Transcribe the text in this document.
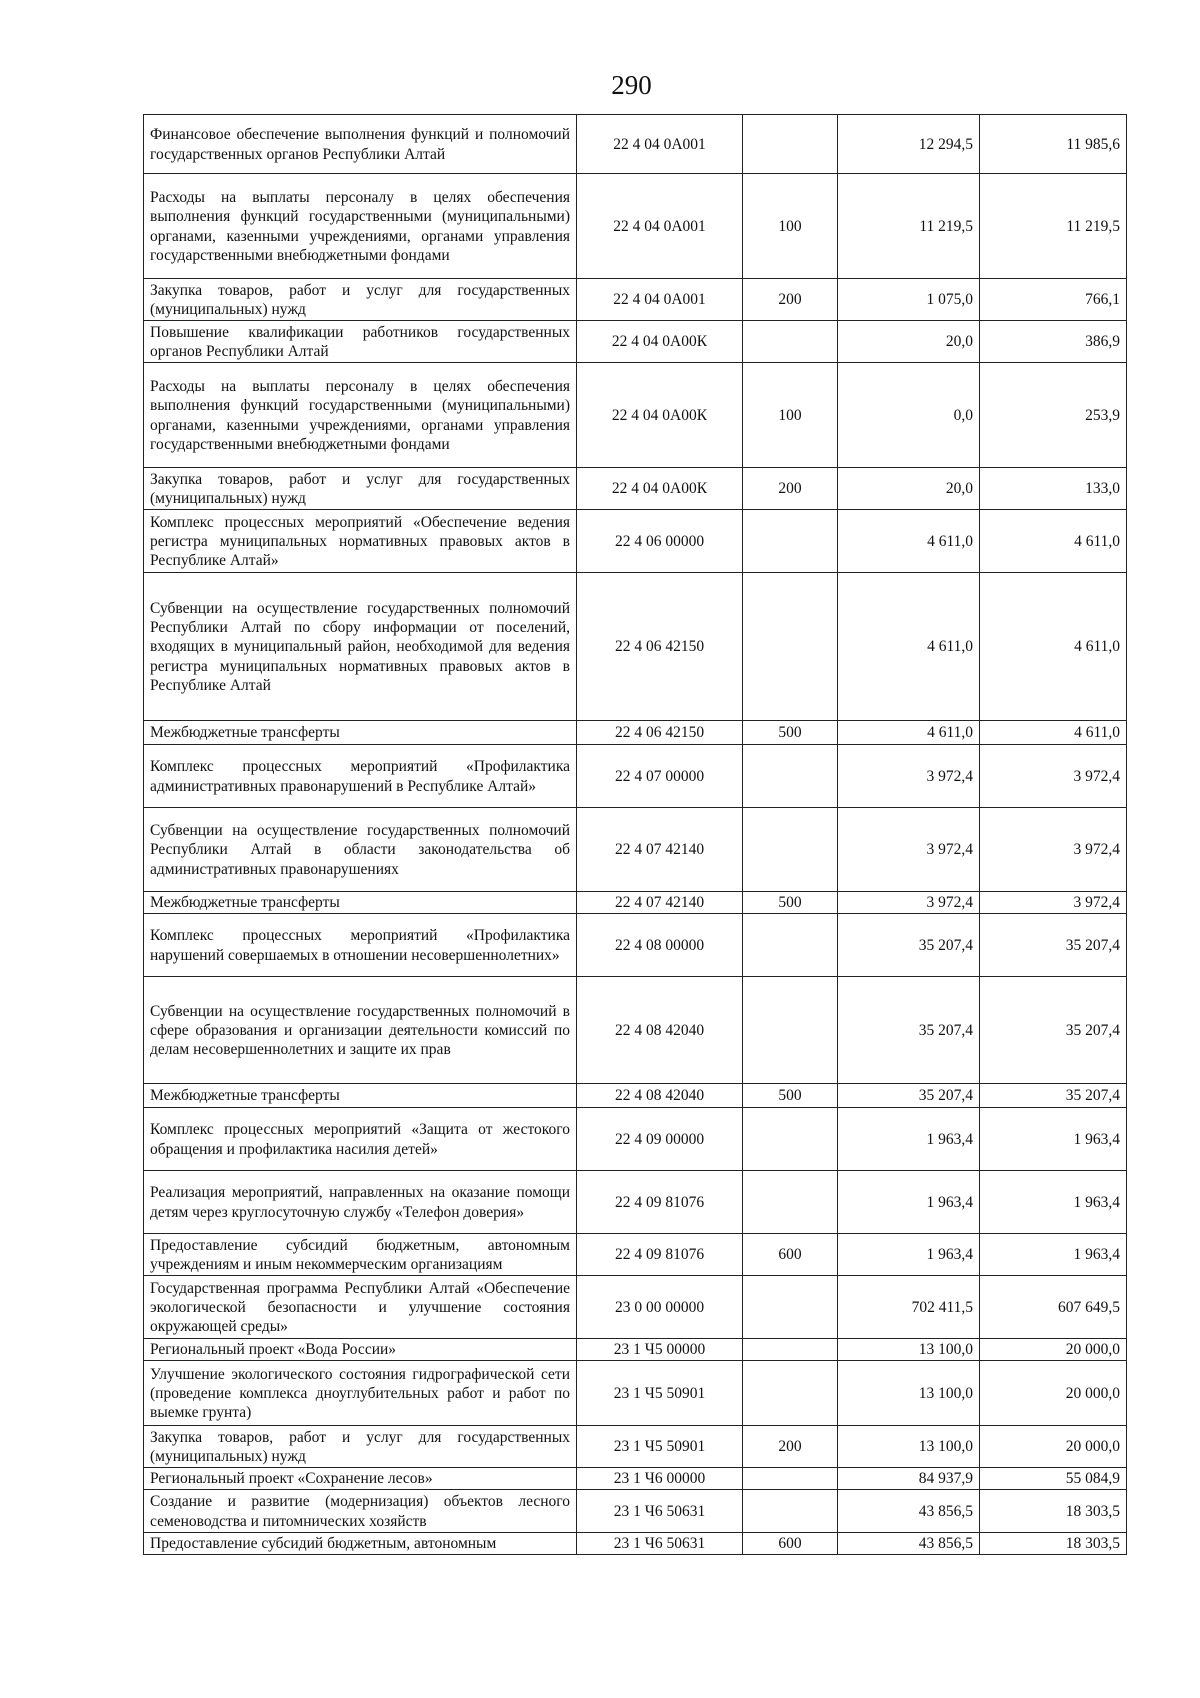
290
Финансовое обеспечение выполнения функций и полномочий государственных органов Республики Алтай	22 4 04 0А001		12 294,5	11 985,6
Расходы на выплаты персоналу в целях обеспечения выполнения функций государственными (муниципальными) органами, казенными учреждениями, органами управления государственными внебюджетными фондами	22 4 04 0А001	100	11 219,5	11 219,5
Закупка товаров, работ и услуг для государственных (муниципальных) нужд	22 4 04 0А001	200	1 075,0	766,1
Повышение квалификации работников государственных органов Республики Алтай	22 4 04 0А00К		20,0	386,9
Расходы на выплаты персоналу в целях обеспечения выполнения функций государственными (муниципальными) органами, казенными учреждениями, органами управления государственными внебюджетными фондами	22 4 04 0А00К	100	0,0	253,9
Закупка товаров, работ и услуг для государственных (муниципальных) нужд	22 4 04 0А00К	200	20,0	133,0
Комплекс процессных мероприятий «Обеспечение ведения регистра муниципальных нормативных правовых актов в Республике Алтай»	22 4 06 00000		4 611,0	4 611,0
Субвенции на осуществление государственных полномочий Республики Алтай по сбору информации от поселений, входящих в муниципальный район, необходимой для ведения регистра муниципальных нормативных правовых актов в Республике Алтай	22 4 06 42150		4 611,0	4 611,0
Межбюджетные трансферты	22 4 06 42150	500	4 611,0	4 611,0
Комплекс процессных мероприятий «Профилактика административных правонарушений в Республике Алтай»	22 4 07 00000		3 972,4	3 972,4
Субвенции на осуществление государственных полномочий Республики Алтай в области законодательства об административных правонарушениях	22 4 07 42140		3 972,4	3 972,4
Межбюджетные трансферты	22 4 07 42140	500	3 972,4	3 972,4
Комплекс процессных мероприятий «Профилактика нарушений совершаемых в отношении несовершеннолетних»	22 4 08 00000		35 207,4	35 207,4
Субвенции на осуществление государственных полномочий в сфере образования и организации деятельности комиссий по делам несовершеннолетних и защите их прав	22 4 08 42040		35 207,4	35 207,4
Межбюджетные трансферты	22 4 08 42040	500	35 207,4	35 207,4
Комплекс процессных мероприятий «Защита от жестокого обращения и профилактика насилия детей»	22 4 09 00000		1 963,4	1 963,4
Реализация мероприятий, направленных на оказание помощи детям через круглосуточную службу «Телефон доверия»	22 4 09 81076		1 963,4	1 963,4
Предоставление субсидий бюджетным, автономным учреждениям и иным некоммерческим организациям	22 4 09 81076	600	1 963,4	1 963,4
Государственная программа Республики Алтай «Обеспечение экологической безопасности и улучшение состояния окружающей среды»	23 0 00 00000		702 411,5	607 649,5
Региональный проект «Вода России»	23 1 Ч5 00000		13 100,0	20 000,0
Улучшение экологического состояния гидрографической сети (проведение комплекса дноуглубительных работ и работ по выемке грунта)	23 1 Ч5 50901		13 100,0	20 000,0
Закупка товаров, работ и услуг для государственных (муниципальных) нужд	23 1 Ч5 50901	200	13 100,0	20 000,0
Региональный проект «Сохранение лесов»	23 1 Ч6 00000		84 937,9	55 084,9
Создание и развитие (модернизация) объектов лесного семеноводства и питомнических хозяйств	23 1 Ч6 50631		43 856,5	18 303,5
Предоставление субсидий бюджетным, автономным	23 1 Ч6 50631	600	43 856,5	18 303,5
